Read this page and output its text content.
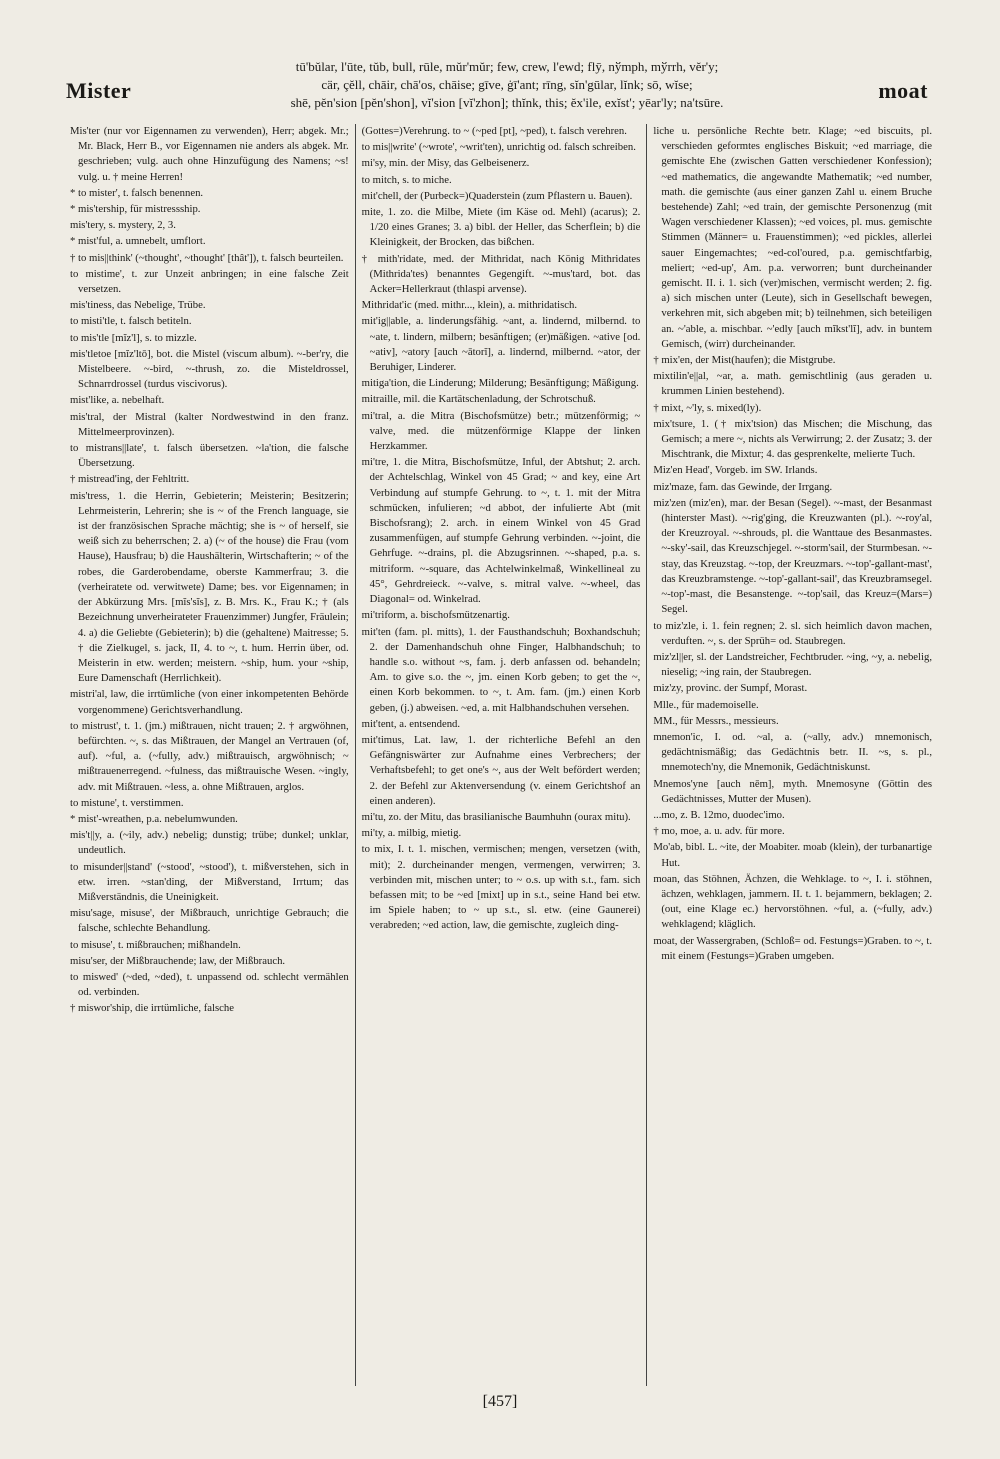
Mister
tū'bŭlar, l'ūte, tŭb, bull, rūle, mŭr'mŭr; few, crew, l'ewd; flȳ, nўmph, mўrrh, vĕr'y;
cär, çĕll, chāir, chā'os, chāise; gīve, ġī'ant; rīng, sĭn'gūlar, lĭnk; sō, wĭse;
shē, pĕn'sion [pĕn'shon], vĭ'sion [vĭ'zhon]; thĭnk, this; ĕx'ile, exĭst'; yēar'ly; na'tsūre.	moat

Mis'ter (nur vor Eigennamen zu verwenden), Herr; abgek. Mr.; Mr. Black, Herr B., vor Eigennamen nie anders als abgek. Mr. geschrieben; vulg. auch ohne Hinzufügung des Namens; ~s! vulg. u. † meine Herren!

* to mister', t. falsch benennen.

* mis'tership, für mistressship.

mis'tery, s. mystery, 2, 3.

* mist'ful, a. umnebelt, umflort.

† to mis||think' (~thought', ~thought' [thât']), t. falsch beurteilen.

to mistime', t. zur Unzeit anbringen; in eine falsche Zeit versetzen.

mis'tiness, das Nebelige, Trübe.

to misti'tle, t. falsch betiteln.

to mis'tle [mĭz'l], s. to mizzle.

mis'tletoe [mĭz'ltō], bot. die Mistel (viscum album). ~-ber'ry, die Mistelbeere. ~-bird, ~-thrush, zo. die Misteldrossel, Schnarrdrossel (turdus viscivorus).

mist'like, a. nebelhaft.

mis'tral, der Mistral (kalter Nordwestwind in den franz. Mittelmeerprovinzen).

to mistrans||late', t. falsch übersetzen. ~la'tion, die falsche Übersetzung.

† mistread'ing, der Fehltritt.

mis'tress, 1. die Herrin, Gebieterin; Meisterin; Besitzerin; Lehrmeisterin, Lehrerin; she is ~ of the French language, sie ist der französischen Sprache mächtig; she is ~ of herself, sie weiß sich zu beherrschen; 2. a) (~ of the house) die Frau (vom Hause), Hausfrau; b) die Haushälterin, Wirtschafterin; ~ of the robes, die Garderobendame, oberste Kammerfrau; 3. die (verheiratete od. verwitwete) Dame; bes. vor Eigennamen; in der Abkürzung Mrs. [mĭs'sĭs], z. B. Mrs. K., Frau K.; † (als Bezeichnung unverheirateter Frauenzimmer) Jungfer, Fräulein; 4. a) die Geliebte (Gebieterin); b) die (gehaltene) Maitresse; 5. † die Zielkugel, s. jack, II, 4. to ~, t. hum. Herrin über, od. Meisterin in etw. werden; meistern. ~ship, hum. your ~ship, Eure Damenschaft (Herrlichkeit).

mistri'al, law, die irrtümliche (von einer inkompetenten Behörde vorgenommene) Gerichtsverhandlung.

to mistrust', t. 1. (jm.) mißtrauen, nicht trauen; 2. † argwöhnen, befürchten. ~, s. das Mißtrauen, der Mangel an Vertrauen (of, auf). ~ful, a. (~fully, adv.) mißtrauisch, argwöhnisch; ~ mißtrauenerregend. ~fulness, das mißtrauische Wesen. ~ingly, adv. mit Mißtrauen. ~less, a. ohne Mißtrauen, arglos.

to mistune', t. verstimmen.

* mist'-wreathen, p.a. nebelumwunden.

mis't||y, a. (~ily, adv.) nebelig; dunstig; trübe; dunkel; unklar, undeutlich.

to misunder||stand' (~stood', ~stood'), t. mißverstehen, sich in etw. irren. ~stan'ding, der Mißverstand, Irrtum; das Mißverständnis, die Uneinigkeit.

misu'sage, misuse', der Mißbrauch, unrichtige Gebrauch; die falsche, schlechte Behandlung.

to misuse', t. mißbrauchen; mißhandeln.

misu'ser, der Mißbrauchende; law, der Mißbrauch.

to miswed' (~ded, ~ded), t. unpassend od. schlecht vermählen od. verbinden.

† miswor'ship, die irrtümliche, falsche

(Gottes=)Verehrung. to ~ (~ped [pt], ~ped), t. falsch verehren.

to mis||write' (~wrote', ~writ'ten), unrichtig od. falsch schreiben.

mi'sy, min. der Misy, das Gelbeisenerz.

to mitch, s. to miche.

mit'chell, der (Purbeck=)Quaderstein (zum Pflastern u. Bauen).

mite, 1. zo. die Milbe, Miete (im Käse od. Mehl) (acarus); 2. 1/20 eines Granes; 3. a) bibl. der Heller, das Scherflein; b) die Kleinigkeit, der Brocken, das bißchen.

† mith'ridate, med. der Mithridat, nach König Mithridates (Mithrida'tes) benanntes Gegengift. ~-mus'tard, bot. das Acker=Hellerkraut (thlaspi arvense).

Mithridat'ic (med. mithr..., klein), a. mithridatisch.

mit'ig||able, a. linderungsfähig. ~ant, a. lindernd, milbernd. to ~ate, t. lindern, milbern; besänftigen; (er)mäßigen. ~ative [od. ~ativ], ~atory [auch ~ātorĭ], a. lindernd, milbernd. ~ator, der Beruhiger, Linderer.

mitiga'tion, die Linderung; Milderung; Besänftigung; Mäßigung.

mitraille, mil. die Kartätschenladung, der Schrotschuß.

mi'tral, a. die Mitra (Bischofsmütze) betr.; mützenförmig; ~ valve, med. die mützenförmige Klappe der linken Herzkammer.

mi'tre, 1. die Mitra, Bischofsmütze, Inful, der Abtshut; 2. arch. der Achtelschlag, Winkel von 45 Grad; ~ and key, eine Art Verbindung auf stumpfe Gehrung. to ~, t. 1. mit der Mitra schmücken, infulieren; ~d abbot, der infulierte Abt (mit Bischofsrang); 2. arch. in einem Winkel von 45 Grad zusammenfügen, auf stumpfe Gehrung verbinden. ~-joint, die Gehrfuge. ~-drains, pl. die Abzugsrinnen. ~-shaped, p.a. s. mitriform. ~-square, das Achtelwinkelmaß, Winkellineal zu 45°, Gehrdreieck. ~-valve, s. mitral valve. ~-wheel, das Diagonal= od. Winkelrad.

mi'triform, a. bischofsmützenartig.

mit'ten (fam. pl. mitts), 1. der Fausthandschuh; Boxhandschuh; 2. der Damenhandschuh ohne Finger, Halbhandschuh; to handle s.o. without ~s, fam. j. derb anfassen od. behandeln; Am. to give s.o. the ~, jm. einen Korb geben; to get the ~, einen Korb bekommen. to ~, t. Am. fam. (jm.) einen Korb geben, (j.) abweisen. ~ed, a. mit Halbhandschuhen versehen.

mit'tent, a. entsendend.

mit'timus, Lat. law, 1. der richterliche Befehl an den Gefängniswärter zur Aufnahme eines Verbrechers; der Verhaftsbefehl; to get one's ~, aus der Welt befördert werden; 2. der Befehl zur Aktenversendung (v. einem Gerichtshof an einen anderen).

mi'tu, zo. der Mitu, das brasilianische Baumhuhn (ourax mitu).

mi'ty, a. milbig, mietig.

to mix, I. t. 1. mischen, vermischen; mengen, versetzen (with, mit); 2. durcheinander mengen, vermengen, verwirren; 3. verbinden mit, mischen unter; to ~ o.s. up with s.t., fam. sich befassen mit; to be ~ed [mixt] up in s.t., seine Hand bei etw. im Spiele haben; to ~ up s.t., sl. etw. (eine Gaunerei) verabreden; ~ed action, law, die gemischte, zugleich ding-

liche u. persönliche Rechte betr. Klage; ~ed biscuits, pl. verschieden geformtes englisches Biskuit; ~ed marriage, die gemischte Ehe (zwischen Gatten verschiedener Konfession); ~ed mathematics, die angewandte Mathematik; ~ed number, math. die gemischte (aus einer ganzen Zahl u. einem Bruche bestehende) Zahl; ~ed train, der gemischte Personenzug (mit Wagen verschiedener Klassen); ~ed voices, pl. mus. gemischte Stimmen (Männer= u. Frauenstimmen); ~ed pickles, allerlei sauer Eingemachtes; ~ed-col'oured, p.a. gemischtfarbig, meliert; ~ed-up', Am. p.a. verworren; bunt durcheinander gemischt. II. i. 1. sich (ver)mischen, vermischt werden; 2. fig. a) sich mischen unter (Leute), sich in Gesellschaft bewegen, verkehren mit, sich abgeben mit; b) teilnehmen, sich beteiligen an. ~'able, a. mischbar. ~'edly [auch mĭkst'lĭ], adv. in buntem Gemisch, (wirr) durcheinander.

† mix'en, der Mist(haufen); die Mistgrube.

mixtilin'e||al, ~ar, a. math. gemischtlinig (aus geraden u. krummen Linien bestehend).

† mixt, ~'ly, s. mixed(ly).

mix'tsure, 1. († mix'tsion) das Mischen; die Mischung, das Gemisch; a mere ~, nichts als Verwirrung; 2. der Zusatz; 3. der Mischtrank, die Mixtur; 4. das gesprenkelte, melierte Tuch.

Miz'en Head', Vorgeb. im SW. Irlands.

miz'maze, fam. das Gewinde, der Irrgang.

miz'zen (miz'en), mar. der Besan (Segel). ~-mast, der Besanmast (hinterster Mast). ~-rig'ging, die Kreuzwanten (pl.). ~-roy'al, der Kreuzroyal. ~-shrouds, pl. die Wanttaue des Besanmastes. ~-sky'-sail, das Kreuzschjegel. ~-storm'sail, der Sturmbesan. ~-stay, das Kreuzstag. ~-top, der Kreuzmars. ~-top'-gallant-mast', das Kreuzbramstenge. ~-top'-gallant-sail', das Kreuzbramsegel. ~-top'-mast, die Besanstenge. ~-top'sail, das Kreuz=(Mars=) Segel.

to miz'zle, i. 1. fein regnen; 2. sl. sich heimlich davon machen, verduften. ~, s. der Sprüh= od. Staubregen.

miz'zl||er, sl. der Landstreicher, Fechtbruder. ~ing, ~y, a. nebelig, nieselig; ~ing rain, der Staubregen.

miz'zy, provinc. der Sumpf, Morast.

Mlle., für mademoiselle.

MM., für Messrs., messieurs.

mnemon'ic, I. od. ~al, a. (~ally, adv.) mnemonisch, gedächtnismäßig; das Gedächtnis betr. II. ~s, s. pl., mnemotech'ny, die Mnemonik, Gedächtniskunst.

Mnemos'yne [auch nēm], myth. Mnemosyne (Göttin des Gedächtnisses, Mutter der Musen).

...mo, z. B. 12mo, duodec'imo.

† mo, moe, a. u. adv. für more.

Mo'ab, bibl. L. ~ite, der Moabiter. moab (klein), der turbanartige Hut.

moan, das Stöhnen, Ächzen, die Wehklage. to ~, I. i. stöhnen, ächzen, wehklagen, jammern. II. t. 1. bejammern, beklagen; 2. (out, eine Klage ec.) hervorstöhnen. ~ful, a. (~fully, adv.) wehklagend; kläglich.

moat, der Wassergraben, (Schloß= od. Festungs=)Graben. to ~, t. mit einem (Festungs=)Graben umgeben.

[457]
